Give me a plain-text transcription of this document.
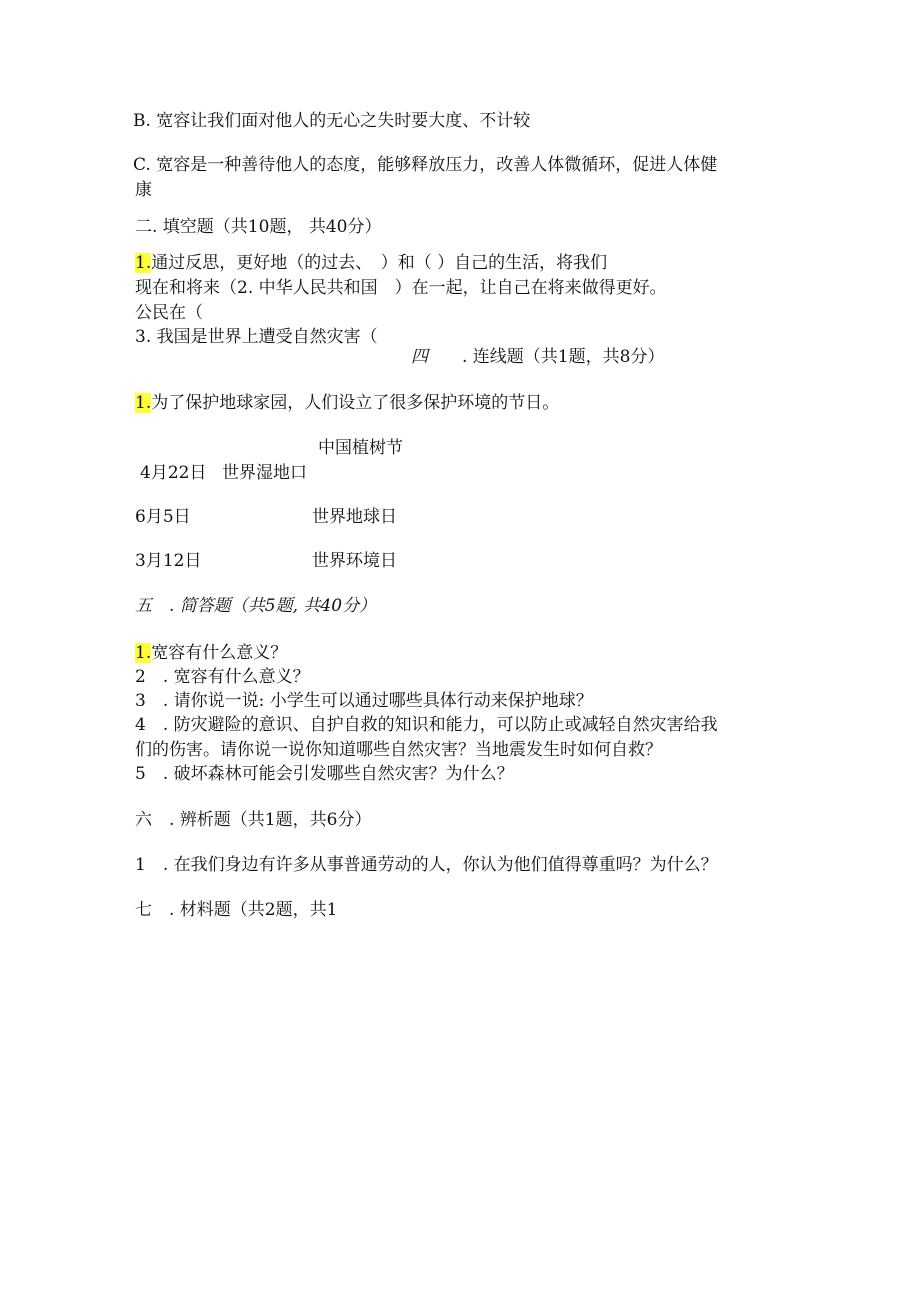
B. 宽容让我们面对他人的无心之失时要大度、不计较
C. 宽容是一种善待他人的态度，能够释放压力，改善人体微循环，促进人体健
康
二. 填空题（共10题， 共40分）
1.通过反思，更好地（的过去、　）和（ ）自己的生活，将我们
现在和将来（2. 中华人民共和国　）在一起，让自己在将来做得更好。
公民在（
3. 我国是世界上遭受自然灾害（
四 . 连线题（共1题，共8分）
1.为了保护地球家园，人们设立了很多保护环境的节日。
中国植树节
4月22日 世界湿地口
6月5日	世界地球日
3月12日	世界环境日
五　. 简答题（共5题, 共40分）
1.宽容有什么意义？
2　. 宽容有什么意义？
3　. 请你说一说: 小学生可以通过哪些具体行动来保护地球？
4　. 防灾避险的意识、自护自救的知识和能力，可以防止或减轻自然灾害给我
们的伤害。请你说一说你知道哪些自然灾害？当地震发生时如何自救？
5　. 破坏森林可能会引发哪些自然灾害？为什么？
六　. 辨析题（共1题，共6分）
1　. 在我们身边有许多从事普通劳动的人，你认为他们值得尊重吗？为什么？
七　. 材料题（共2题，共1
